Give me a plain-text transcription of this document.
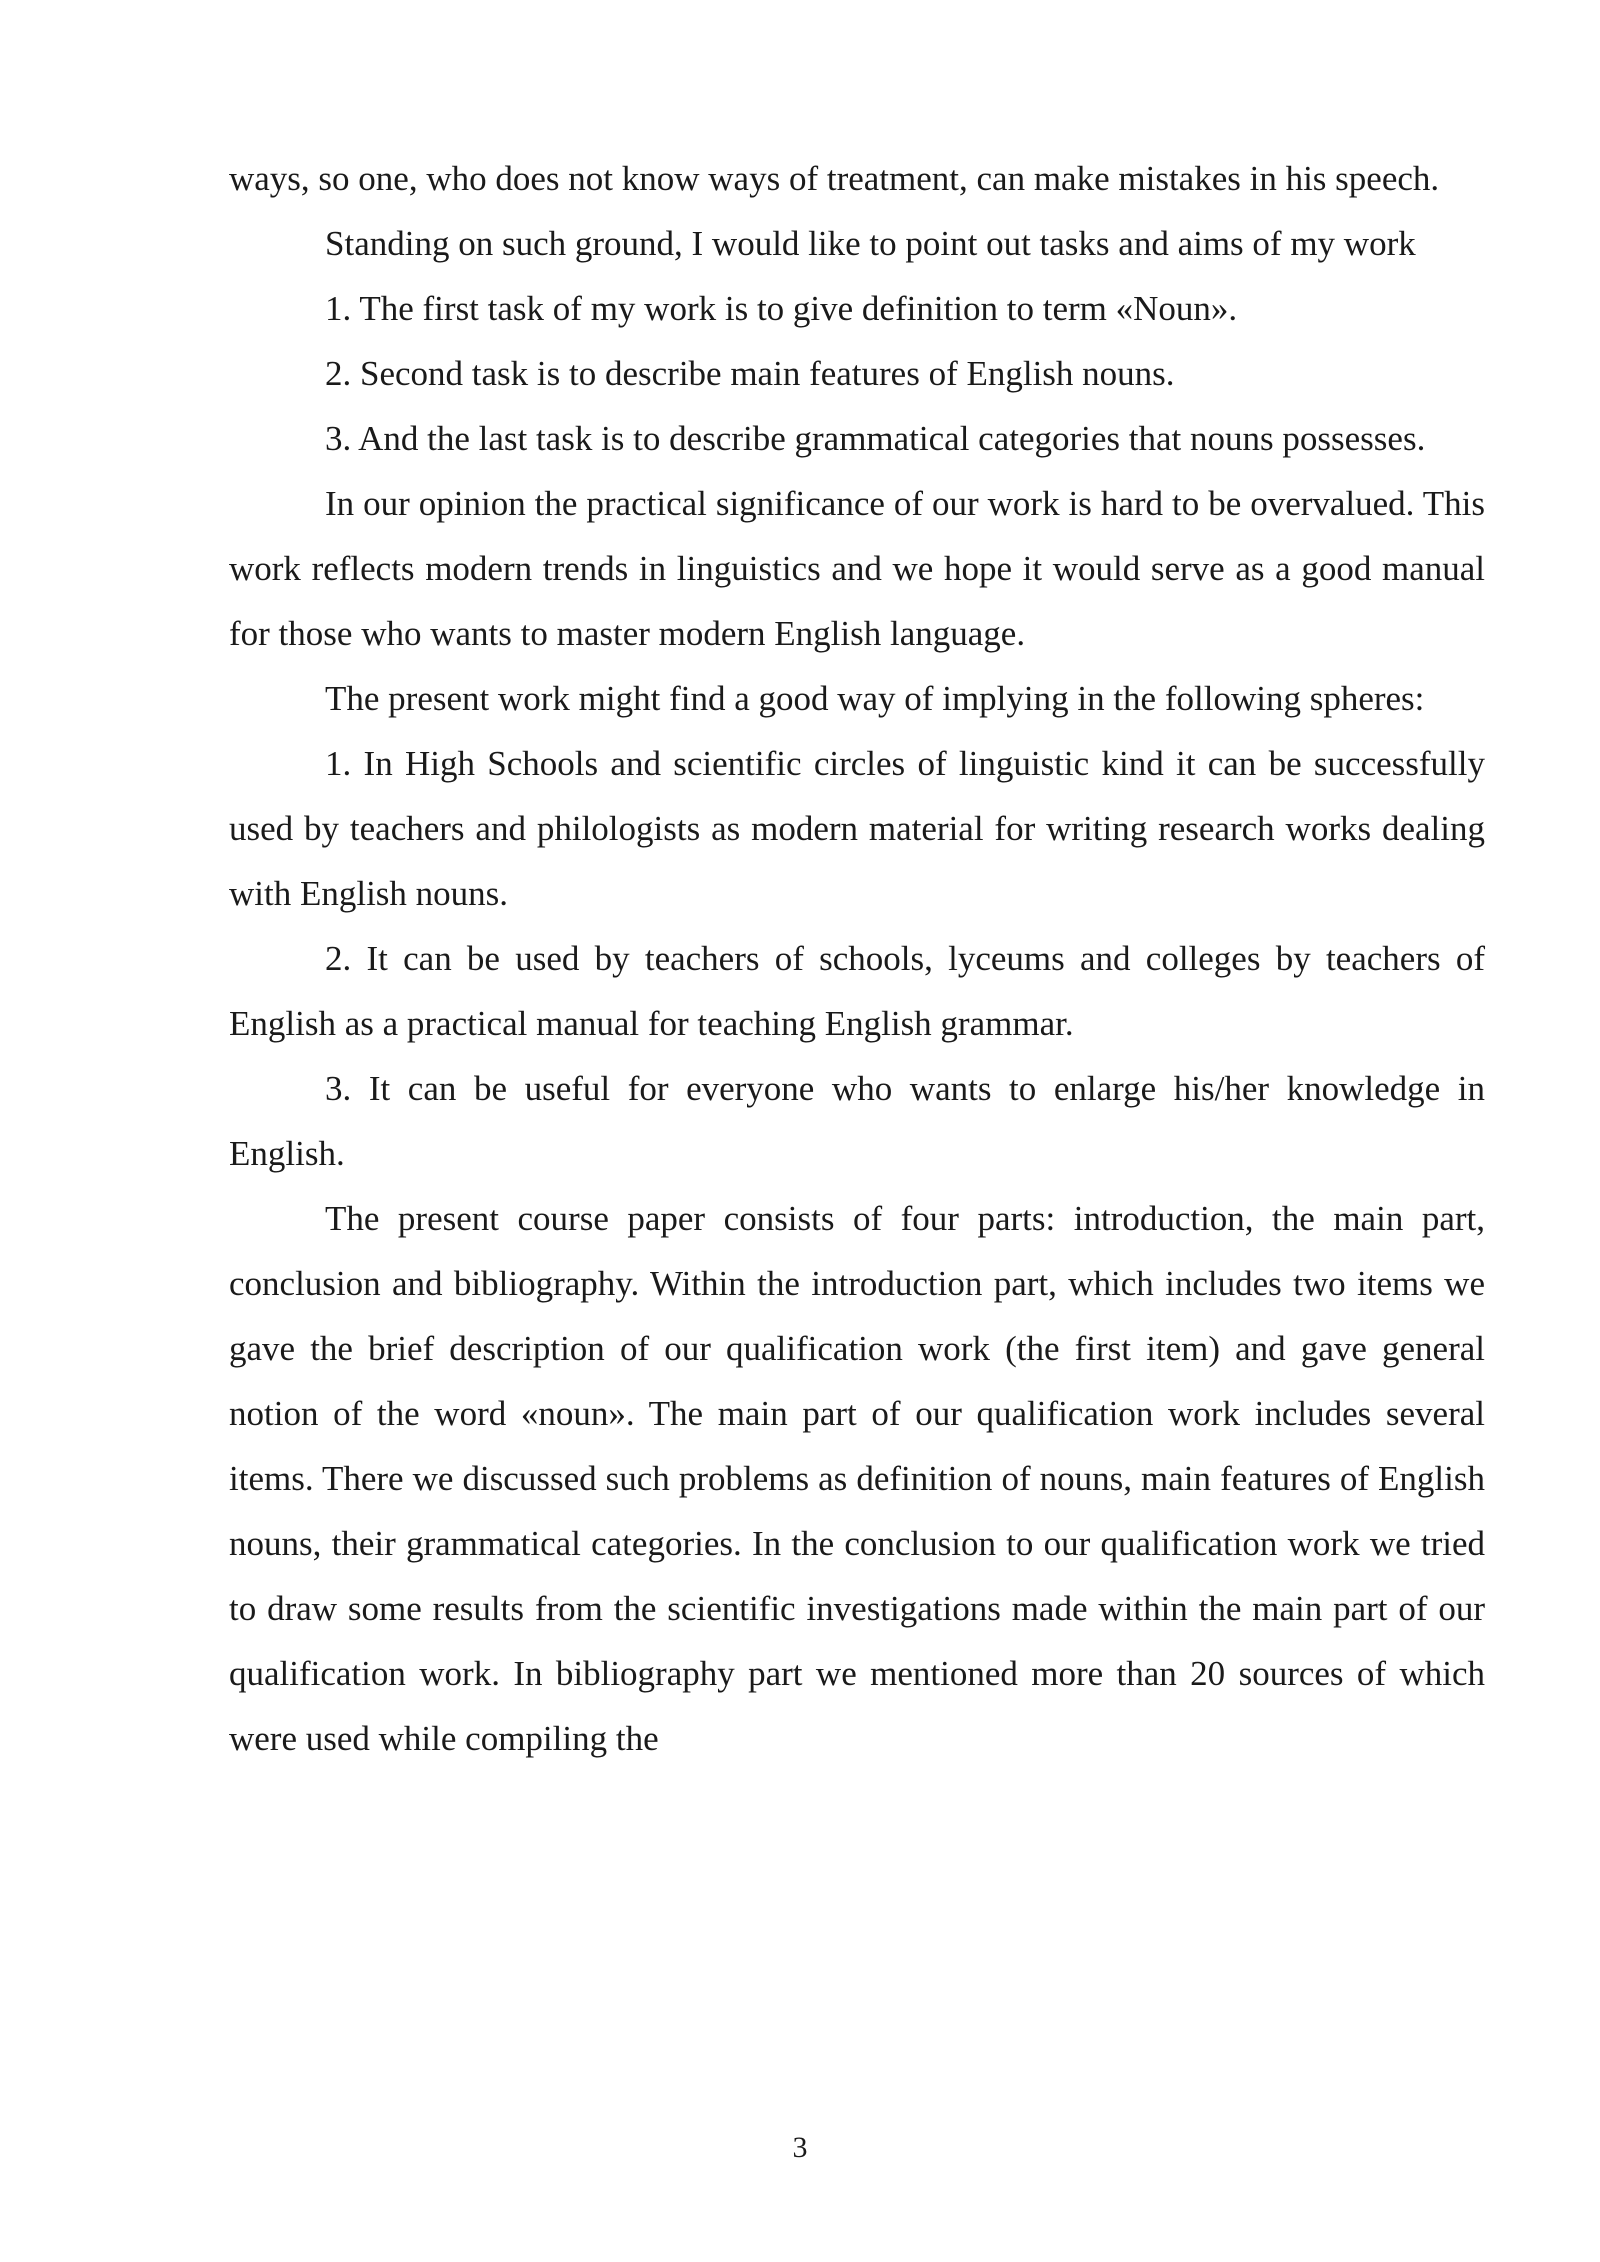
ways, so one, who does not know ways of treatment, can make mistakes in his speech.

Standing on such ground, I would like to point out tasks and aims of my work

1. The first task of my work is to give definition to term «Noun».

2. Second task is to describe main features of English nouns.

3. And the last task is to describe grammatical categories that nouns possesses.

In our opinion the practical significance of our work is hard to be overvalued. This work reflects modern trends in linguistics and we hope it would serve as a good manual for those who wants to master modern English language.

The present work might find a good way of implying in the following spheres:

1. In High Schools and scientific circles of linguistic kind it can be successfully used by teachers and philologists as modern material for writing research works dealing with English nouns.

2. It can be used by teachers of schools, lyceums and colleges by teachers of English as a practical manual for teaching English grammar.

3. It can be useful for everyone who wants to enlarge his/her knowledge in English.

The present course paper consists of four parts: introduction, the main part, conclusion and bibliography. Within the introduction part, which includes two items we gave the brief description of our qualification work (the first item) and gave general notion of the word «noun». The main part of our qualification work includes several items. There we discussed such problems as definition of nouns, main features of English nouns, their grammatical categories. In the conclusion to our qualification work we tried to draw some results from the scientific investigations made within the main part of our qualification work. In bibliography part we mentioned more than 20 sources of which were used while compiling the

3
